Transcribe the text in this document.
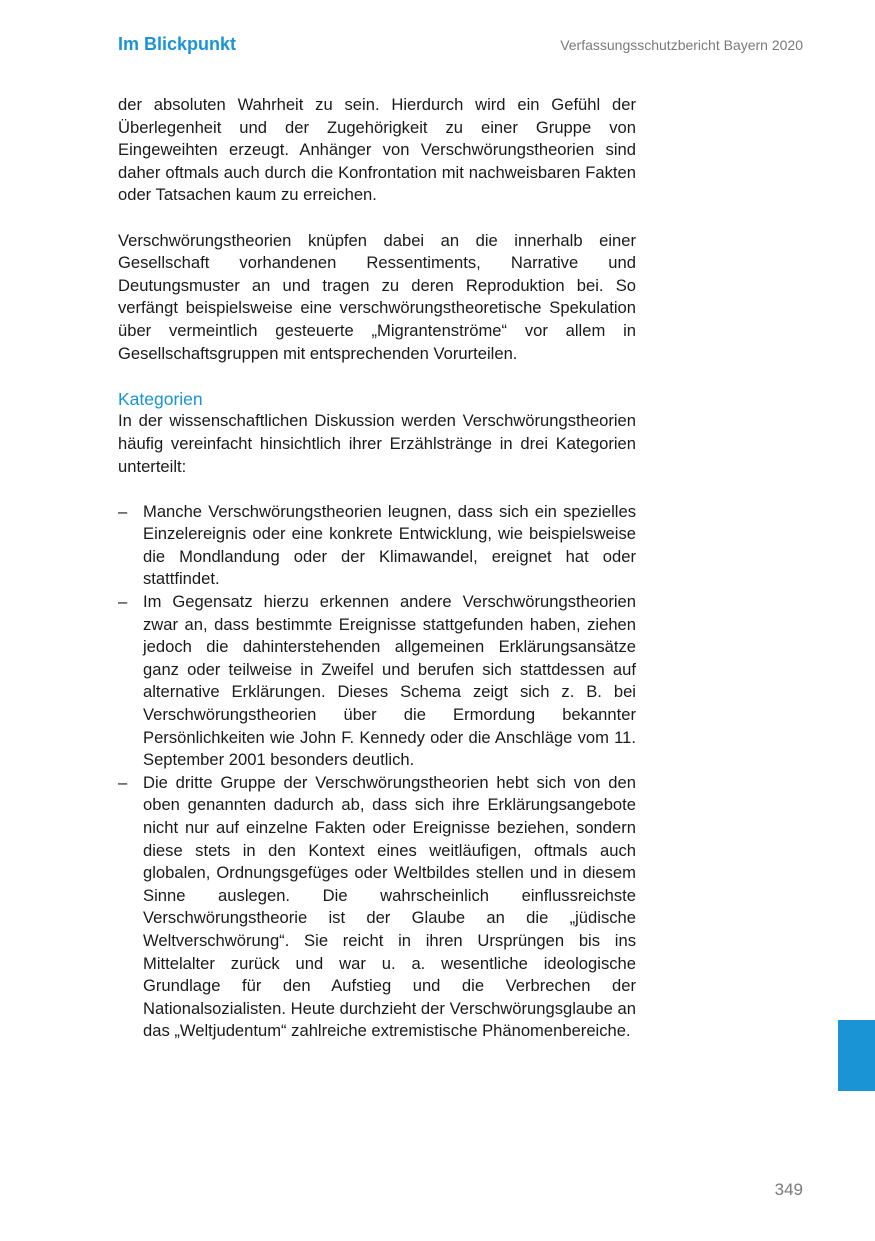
Im Blickpunkt	Verfassungsschutzbericht Bayern 2020

der absoluten Wahrheit zu sein. Hierdurch wird ein Gefühl der Überlegenheit und der Zugehörigkeit zu einer Gruppe von Eingeweihten erzeugt. Anhänger von Verschwörungstheorien sind daher oftmals auch durch die Konfrontation mit nachweisbaren Fakten oder Tatsachen kaum zu erreichen.

Verschwörungstheorien knüpfen dabei an die innerhalb einer Gesellschaft vorhandenen Ressentiments, Narrative und Deutungsmuster an und tragen zu deren Reproduktion bei. So verfängt beispielsweise eine verschwörungstheoretische Spekulation über vermeintlich gesteuerte „Migrantenströme“ vor allem in Gesellschaftsgruppen mit entsprechenden Vorurteilen.

Kategorien

In der wissenschaftlichen Diskussion werden Verschwörungstheorien häufig vereinfacht hinsichtlich ihrer Erzählstränge in drei Kategorien unterteilt:

– Manche Verschwörungstheorien leugnen, dass sich ein spezielles Einzelereignis oder eine konkrete Entwicklung, wie beispielsweise die Mondlandung oder der Klimawandel, ereignet hat oder stattfindet.
– Im Gegensatz hierzu erkennen andere Verschwörungstheorien zwar an, dass bestimmte Ereignisse stattgefunden haben, ziehen jedoch die dahinterstehenden allgemeinen Erklärungsansätze ganz oder teilweise in Zweifel und berufen sich stattdessen auf alternative Erklärungen. Dieses Schema zeigt sich z. B. bei Verschwörungstheorien über die Ermordung bekannter Persönlichkeiten wie John F. Kennedy oder die Anschläge vom 11. September 2001 besonders deutlich.
– Die dritte Gruppe der Verschwörungstheorien hebt sich von den oben genannten dadurch ab, dass sich ihre Erklärungsangebote nicht nur auf einzelne Fakten oder Ereignisse beziehen, sondern diese stets in den Kontext eines weitläufigen, oftmals auch globalen, Ordnungsgefüges oder Weltbildes stellen und in diesem Sinne auslegen. Die wahrscheinlich einflussreichste Verschwörungstheorie ist der Glaube an die „jüdische Weltverschwörung“. Sie reicht in ihren Ursprüngen bis ins Mittelalter zurück und war u. a. wesentliche ideologische Grundlage für den Aufstieg und die Verbrechen der Nationalsozialisten. Heute durchzieht der Verschwörungsglaube an das „Weltjudentum“ zahlreiche extremistische Phänomenbereiche.
349
